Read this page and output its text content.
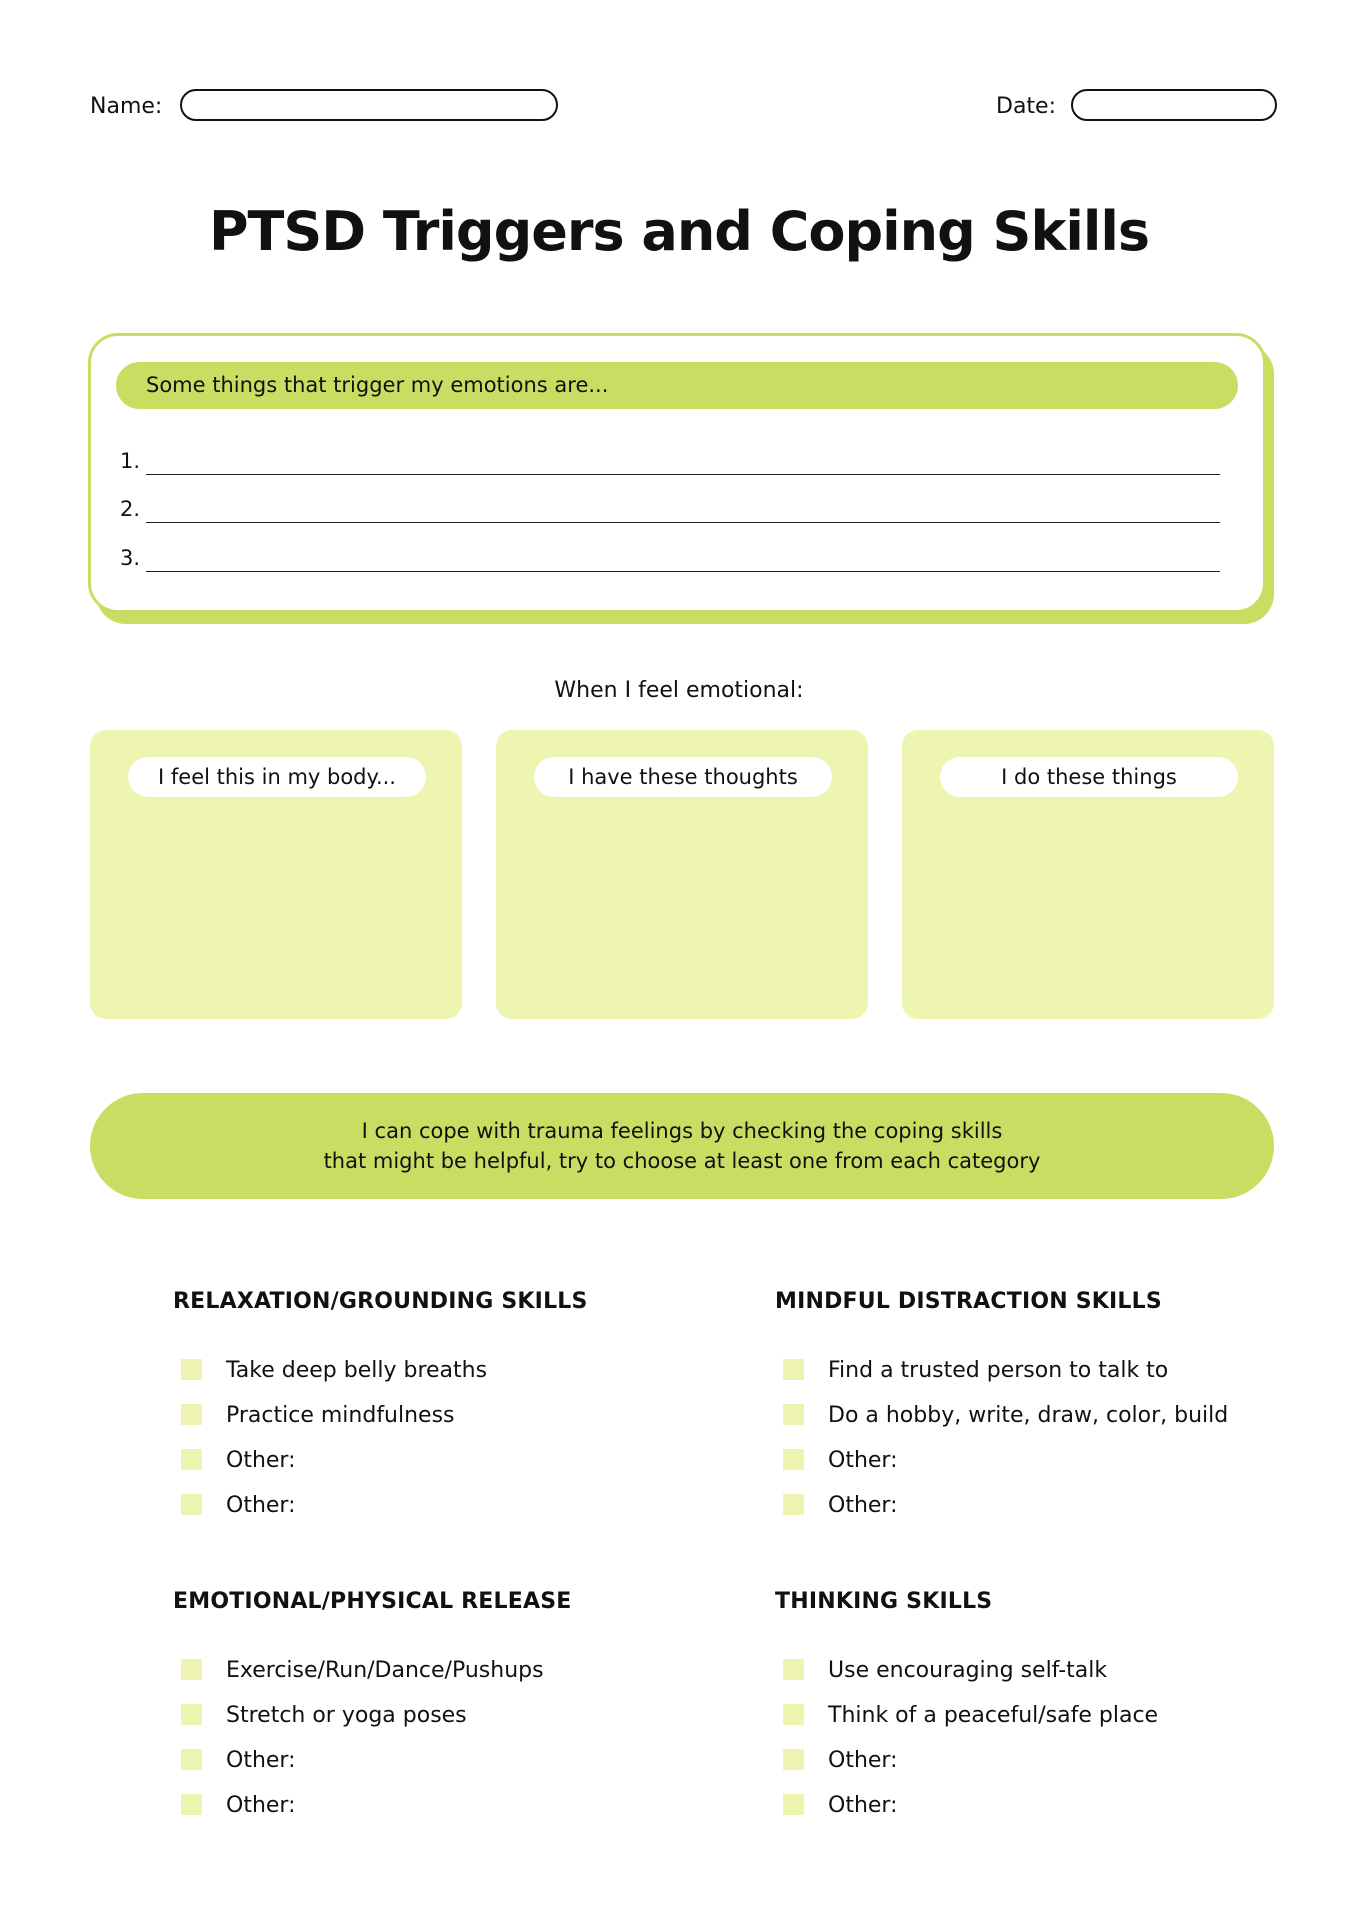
Name:	Date:
PTSD Triggers and Coping Skills
Some things that trigger my emotions are...
1.
2.
3.
When I feel emotional:
I feel this in my body...	I have these thoughts	I do these things
I can cope with trauma feelings by checking the coping skills
that might be helpful, try to choose at least one from each category
RELAXATION/GROUNDING SKILLS
Take deep belly breaths
Practice mindfulness
Other:
Other:
MINDFUL DISTRACTION SKILLS
Find a trusted person to talk to
Do a hobby, write, draw, color, build
Other:
Other:
EMOTIONAL/PHYSICAL RELEASE
Exercise/Run/Dance/Pushups
Stretch or yoga poses
Other:
Other:
THINKING SKILLS
Use encouraging self-talk
Think of a peaceful/safe place
Other:
Other:
